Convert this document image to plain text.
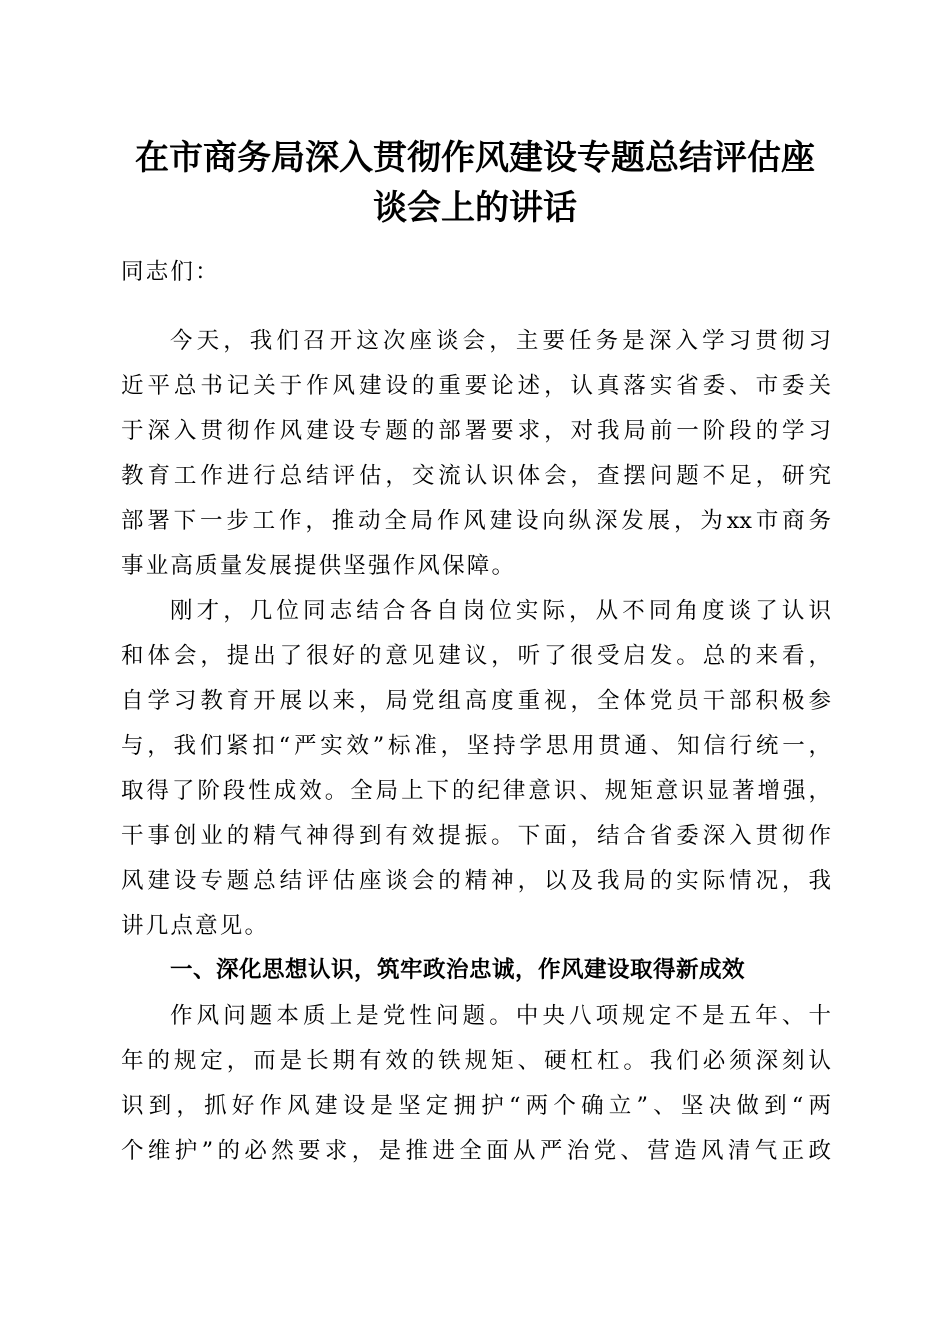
在市商务局深入贯彻作风建设专题总结评估座
谈会上的讲话
同志们：
今天，我们召开这次座谈会，主要任务是深入学习贯彻习
近平总书记关于作风建设的重要论述，认真落实省委、市委关
于深入贯彻作风建设专题的部署要求，对我局前一阶段的学习
教育工作进行总结评估，交流认识体会，查摆问题不足，研究
部署下一步工作，推动全局作风建设向纵深发展，为xx市商务
事业高质量发展提供坚强作风保障。
刚才，几位同志结合各自岗位实际，从不同角度谈了认识
和体会，提出了很好的意见建议，听了很受启发。总的来看，
自学习教育开展以来，局党组高度重视，全体党员干部积极参
与，我们紧扣“严实效”标准，坚持学思用贯通、知信行统一，
取得了阶段性成效。全局上下的纪律意识、规矩意识显著增强，
干事创业的精气神得到有效提振。下面，结合省委深入贯彻作
风建设专题总结评估座谈会的精神，以及我局的实际情况，我
讲几点意见。
一、深化思想认识，筑牢政治忠诚，作风建设取得新成效
作风问题本质上是党性问题。中央八项规定不是五年、十
年的规定，而是长期有效的铁规矩、硬杠杠。我们必须深刻认
识到，抓好作风建设是坚定拥护“两个确立”、坚决做到“两
个维护”的必然要求，是推进全面从严治党、营造风清气正政
